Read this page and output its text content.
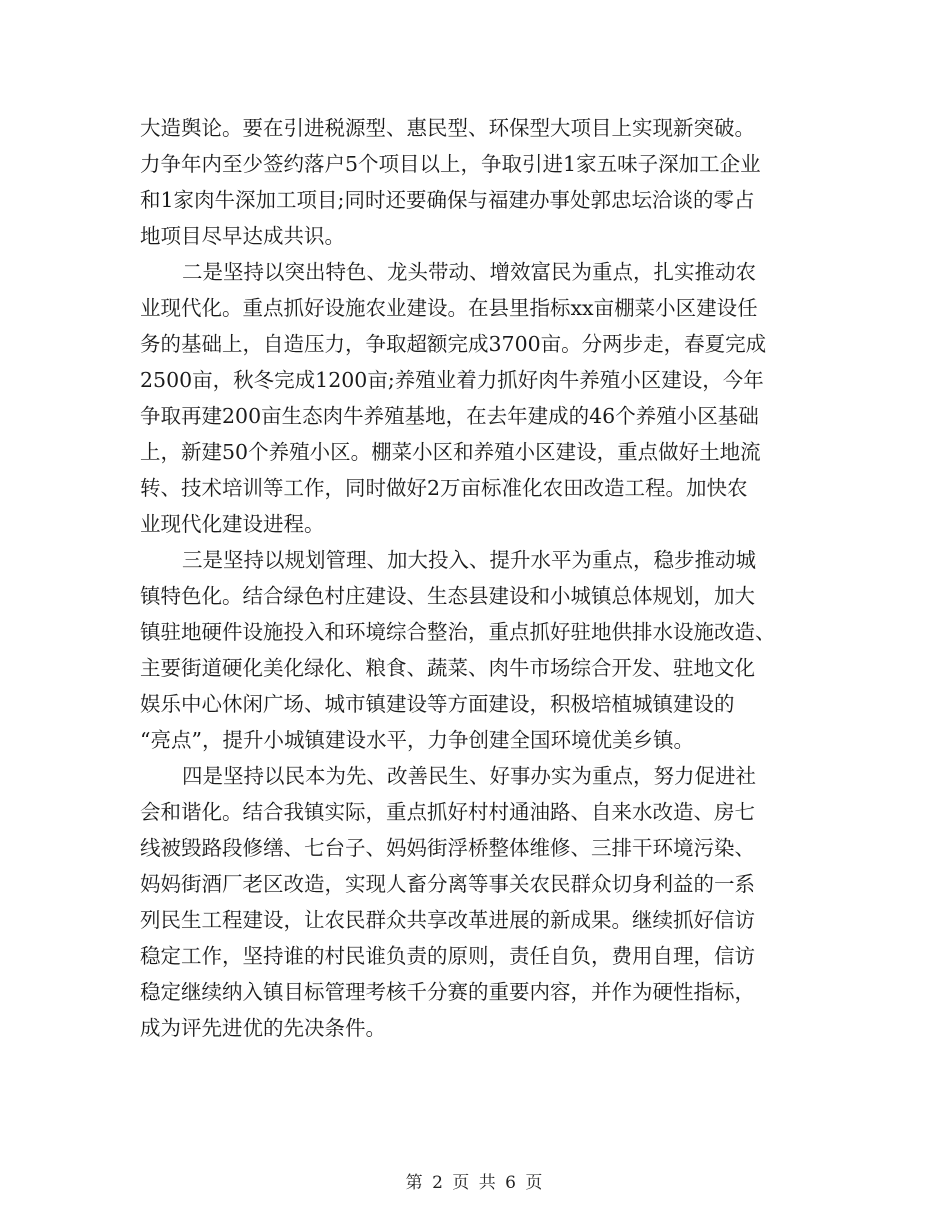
大造舆论。要在引进税源型、惠民型、环保型大项目上实现新突破。
力争年内至少签约落户5个项目以上，争取引进1家五味子深加工企业
和1家肉牛深加工项目;同时还要确保与福建办事处郭忠坛洽谈的零占
地项目尽早达成共识。
二是坚持以突出特色、龙头带动、增效富民为重点，扎实推动农
业现代化。重点抓好设施农业建设。在县里指标xx亩棚菜小区建设任
务的基础上，自造压力，争取超额完成3700亩。分两步走，春夏完成
2500亩，秋冬完成1200亩;养殖业着力抓好肉牛养殖小区建设，今年
争取再建200亩生态肉牛养殖基地，在去年建成的46个养殖小区基础
上，新建50个养殖小区。棚菜小区和养殖小区建设，重点做好土地流
转、技术培训等工作，同时做好2万亩标准化农田改造工程。加快农
业现代化建设进程。
三是坚持以规划管理、加大投入、提升水平为重点，稳步推动城
镇特色化。结合绿色村庄建设、生态县建设和小城镇总体规划，加大
镇驻地硬件设施投入和环境综合整治，重点抓好驻地供排水设施改造、
主要街道硬化美化绿化、粮食、蔬菜、肉牛市场综合开发、驻地文化
娱乐中心休闲广场、城市镇建设等方面建设，积极培植城镇建设的
“亮点”，提升小城镇建设水平，力争创建全国环境优美乡镇。
四是坚持以民本为先、改善民生、好事办实为重点，努力促进社
会和谐化。结合我镇实际，重点抓好村村通油路、自来水改造、房七
线被毁路段修缮、七台子、妈妈街浮桥整体维修、三排干环境污染、
妈妈街酒厂老区改造，实现人畜分离等事关农民群众切身利益的一系
列民生工程建设，让农民群众共享改革进展的新成果。继续抓好信访
稳定工作，坚持谁的村民谁负责的原则，责任自负，费用自理，信访
稳定继续纳入镇目标管理考核千分赛的重要内容，并作为硬性指标，
成为评先进优的先决条件。
第 2 页 共 6 页
